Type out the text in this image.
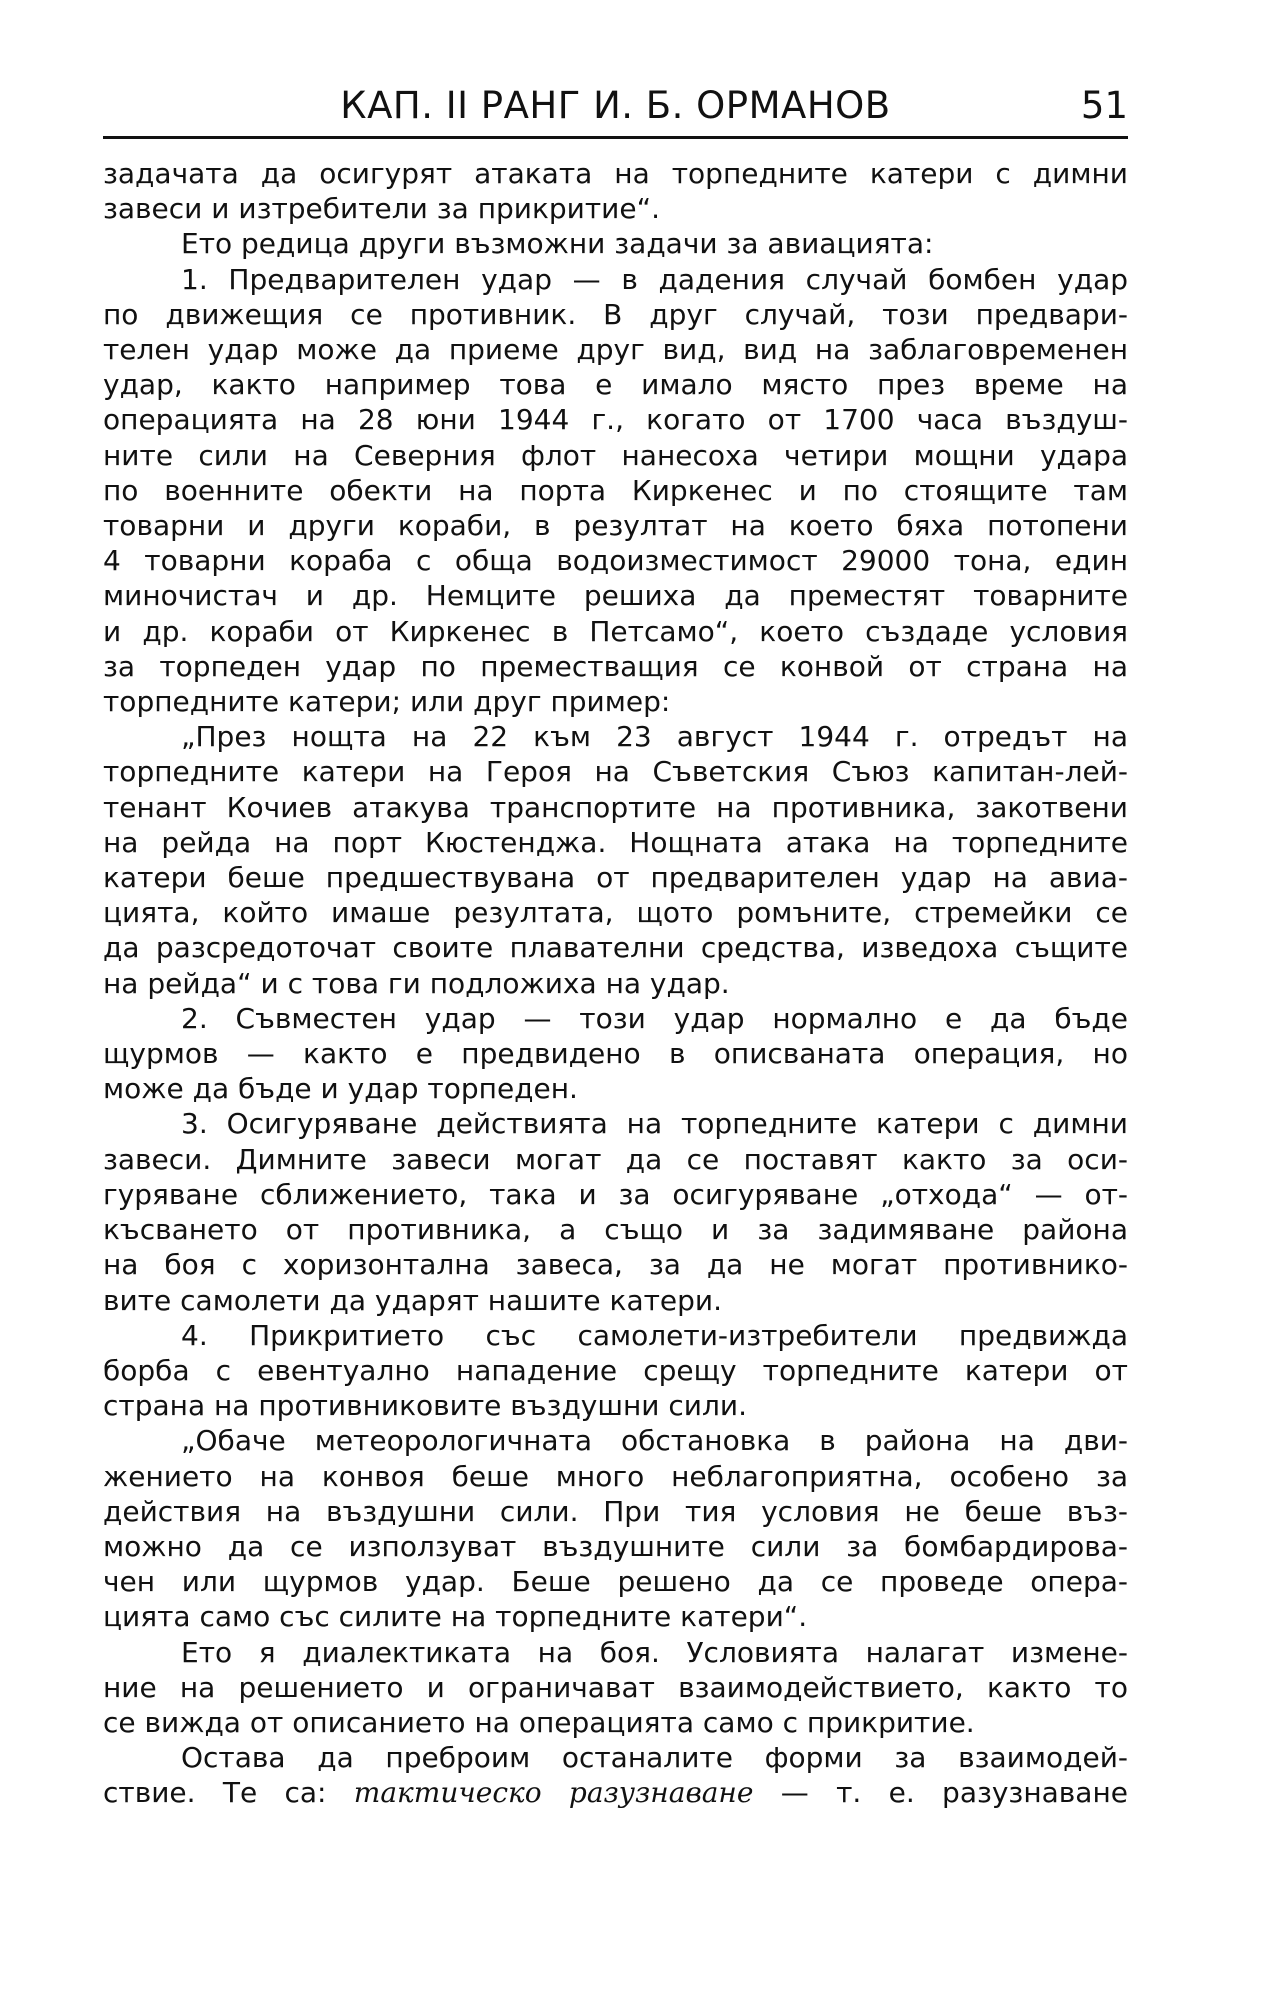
КАП. II РАНГ И. Б. ОРМАНОВ	51
задачата да осигурят атаката на торпедните катери с димни
завеси и изтребители за прикритие“.
Ето редица други възможни задачи за авиацията:
1. Предварителен удар — в дадения случай бомбен удар
по движещия се противник. В друг случай, този предвари-
телен удар може да приеме друг вид, вид на заблаговременен
удар, както например това е имало място през време на
операцията на 28 юни 1944 г., когато от 1700 часа въздуш-
ните сили на Северния флот нанесоха четири мощни удара
по военните обекти на порта Киркенес и по стоящите там
товарни и други кораби, в резултат на което бяха потопени
4 товарни кораба с обща водоизместимост 29000 тона, един
миночистач и др. Немците решиха да преместят товарните
и др. кораби от Киркенес в Петсамо“, което създаде условия
за торпеден удар по преместващия се конвой от страна на
торпедните катери; или друг пример:
„През нощта на 22 към 23 август 1944 г. отредът на
торпедните катери на Героя на Съветския Съюз капитан-лей-
тенант Кочиев атакува транспортите на противника, закотвени
на рейда на порт Кюстенджа. Нощната атака на торпедните
катери беше предшествувана от предварителен удар на авиа-
цията, който имаше резултата, щото ромъните, стремейки се
да разсредоточат своите плавателни средства, изведоха същите
на рейда“ и с това ги подложиха на удар.
2. Съвместен удар — този удар нормално е да бъде
щурмов — както е предвидено в описваната операция, но
може да бъде и удар торпеден.
3. Осигуряване действията на торпедните катери с димни
завеси. Димните завеси могат да се поставят както за оси-
гуряване сближението, така и за осигуряване „отхода“ — от-
късването от противника, а също и за задимяване района
на боя с хоризонтална завеса, за да не могат противнико-
вите самолети да ударят нашите катери.
4. Прикритието със самолети-изтребители предвижда
борба с евентуално нападение срещу торпедните катери от
страна на противниковите въздушни сили.
„Обаче метеорологичната обстановка в района на дви-
жението на конвоя беше много неблагоприятна, особено за
действия на въздушни сили. При тия условия не беше въз-
можно да се използуват въздушните сили за бомбардирова-
чен или щурмов удар. Беше решено да се проведе опера-
цията само със силите на торпедните катери“.
Ето я диалектиката на боя. Условията налагат измене-
ние на решението и ограничават взаимодействието, както то
се вижда от описанието на операцията само с прикритие.
Остава да преброим останалите форми за взаимодей-
ствие. Те са: тактическо разузнаване — т. е. разузнаване
